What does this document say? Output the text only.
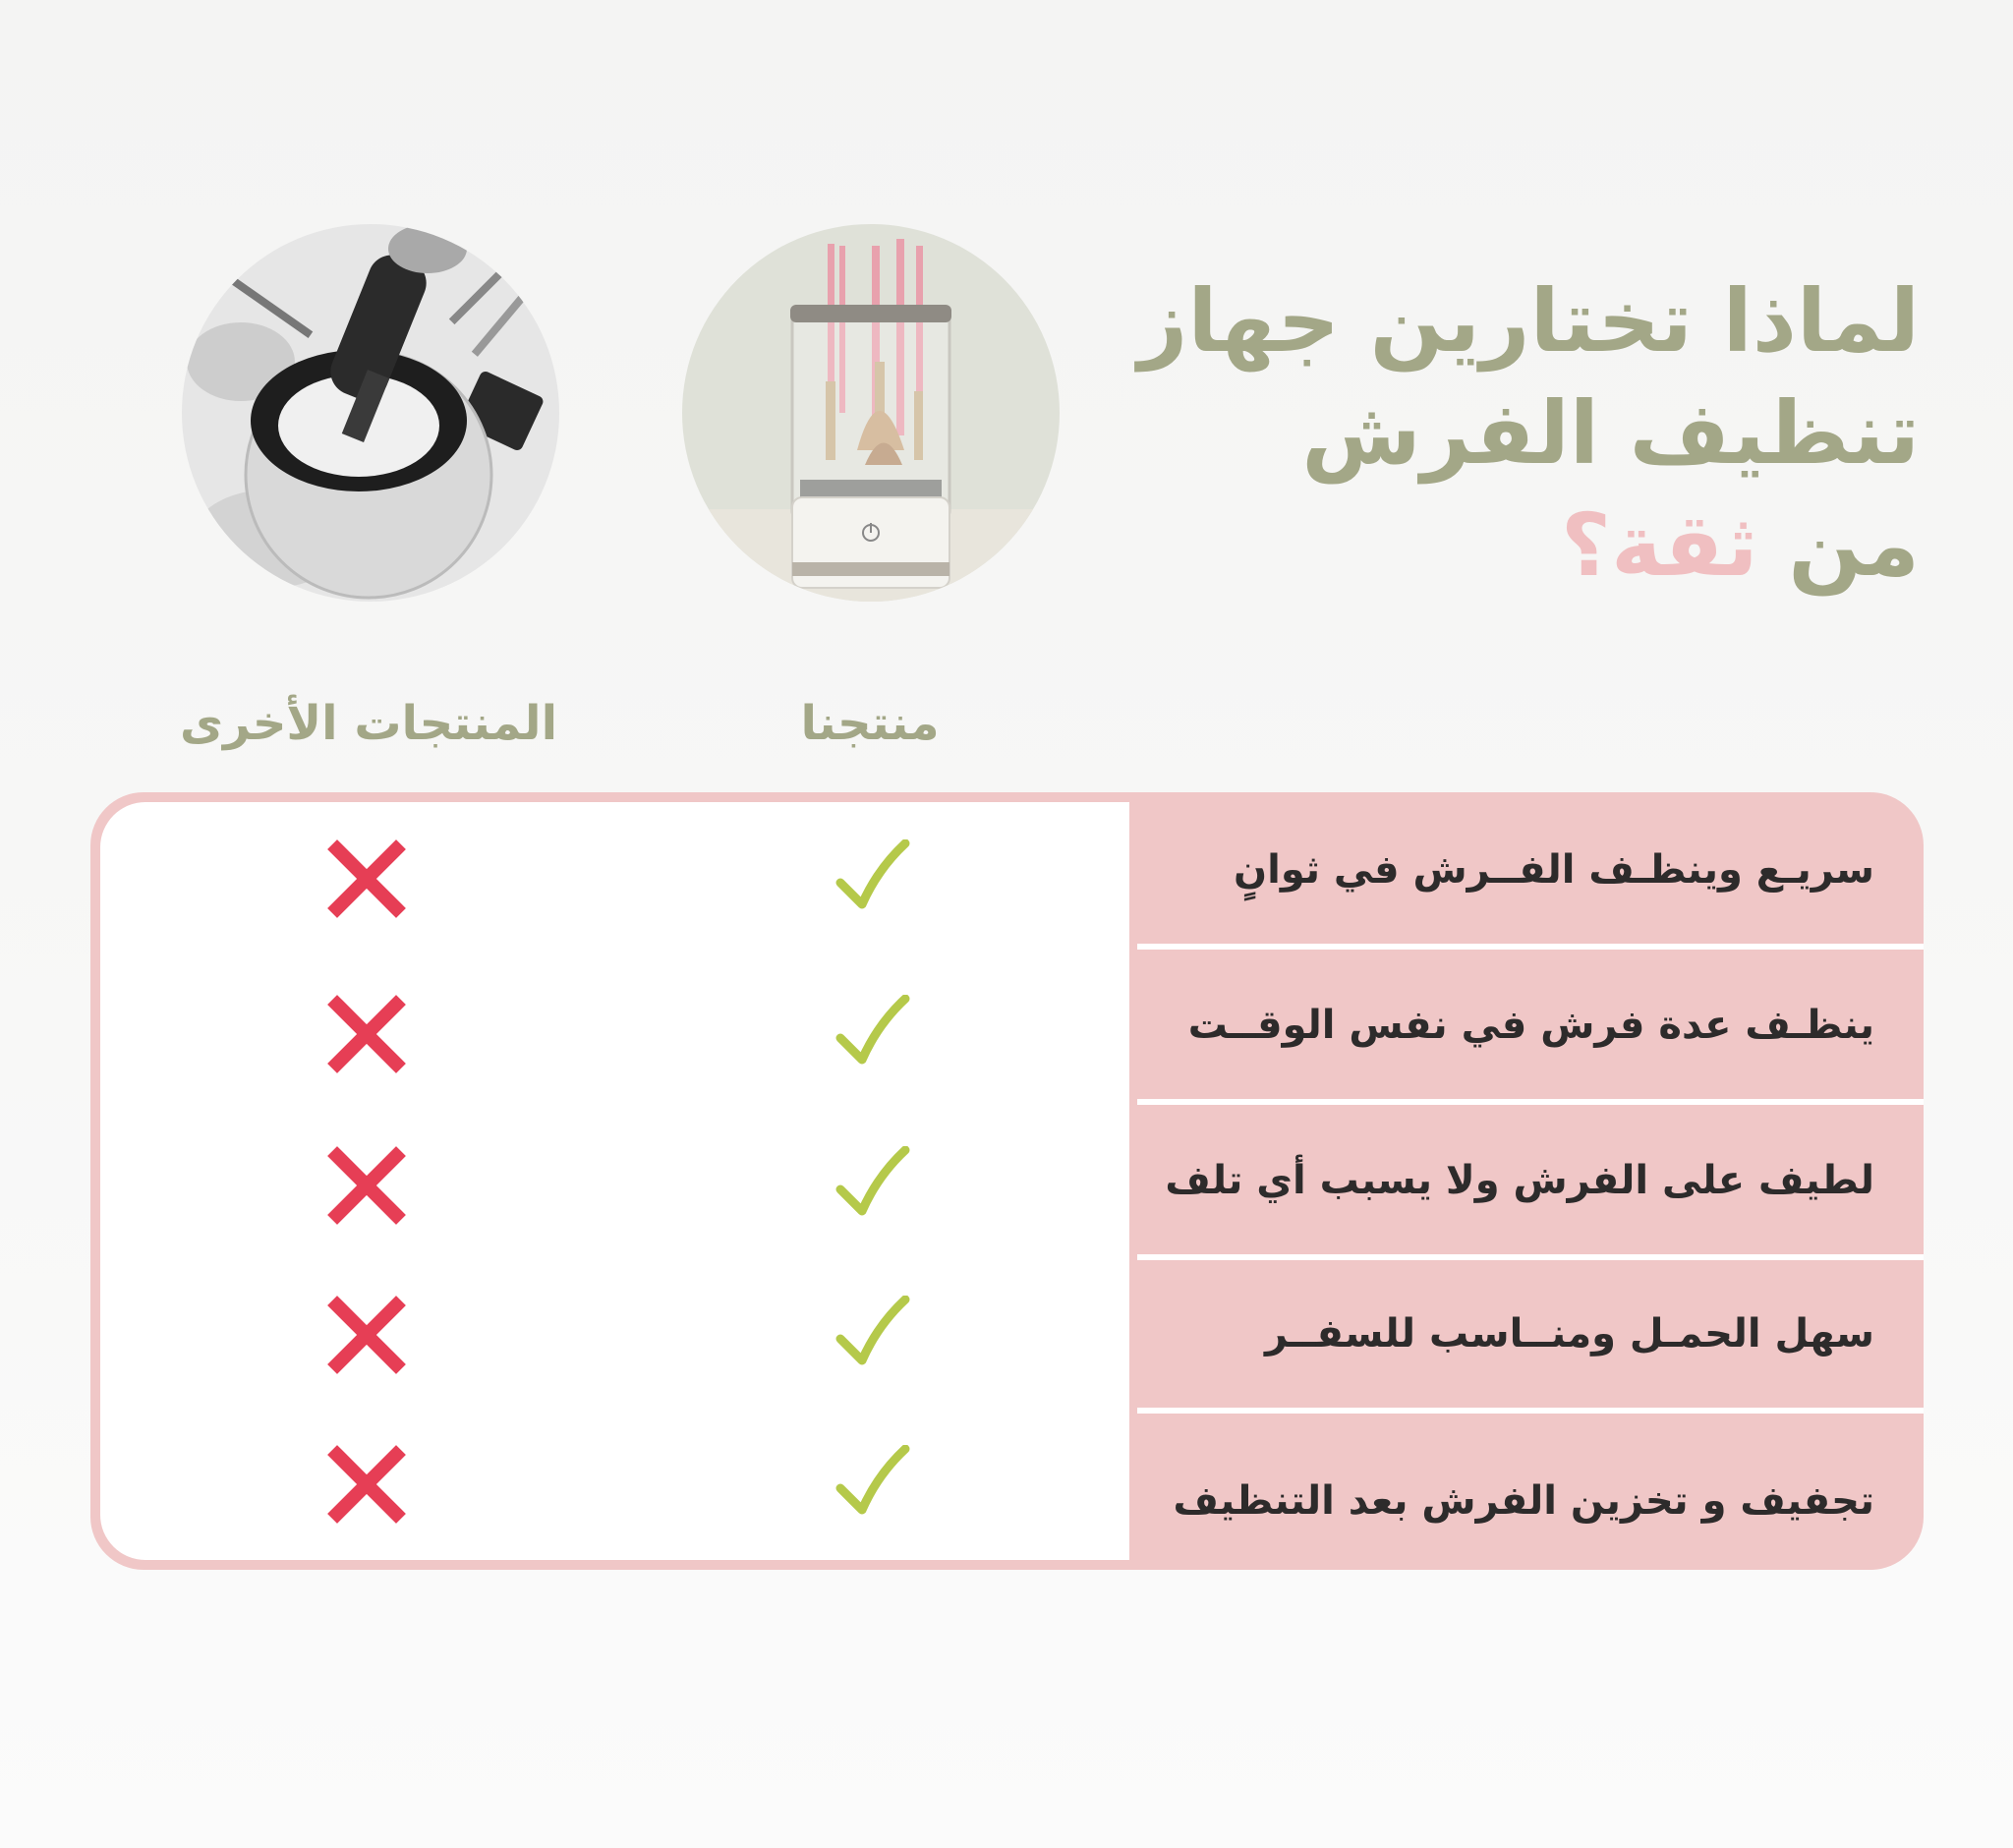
لماذا تختارين جهاز
تنظيف الفرش
من ثقة؟
منتجنا
المنتجات الأخرى
سريـع وينظـف الفــرش في ثوانٍ
ينظـف عدة فرش في نفس الوقــت
لطيف على الفرش ولا يسبب أي تلف
سهل الحمـل ومنــاسب للسفــر
تجفيف و تخزين الفرش بعد التنظيف
